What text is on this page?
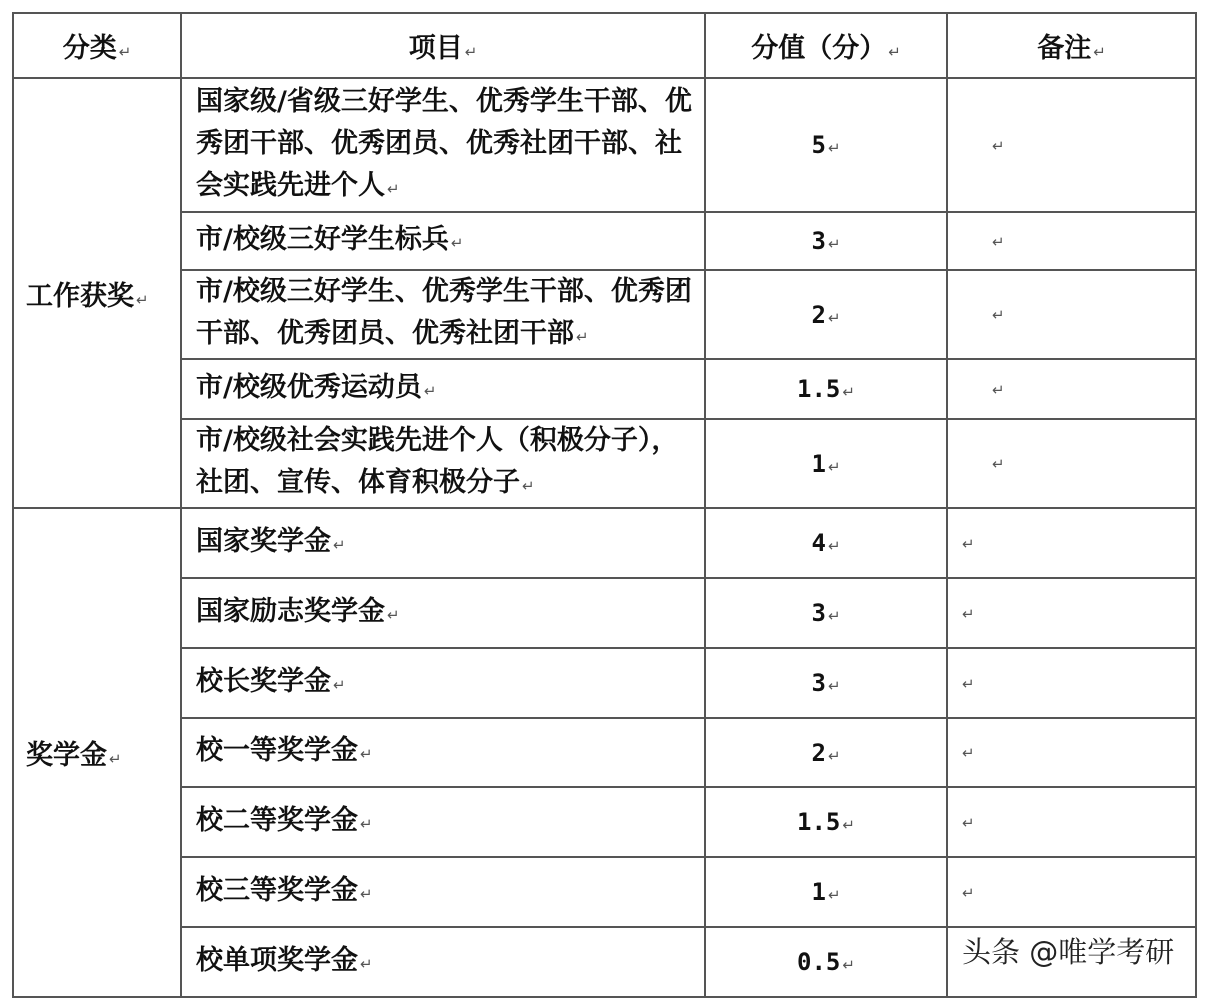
分类 ↵	项目 ↵	分值（分） ↵	备注 ↵
工作获奖 ↵	国家级/省级三好学生、优秀学生干部、优秀团干部、优秀团员、优秀社团干部、社会实践先进个人 ↵	5 ↵	↵
	市/校级三好学生标兵 ↵	3 ↵	↵
	市/校级三好学生、优秀学生干部、优秀团干部、优秀团员、优秀社团干部 ↵	2 ↵	↵
	市/校级优秀运动员 ↵	1.5 ↵	↵
	市/校级社会实践先进个人（积极分子），社团、宣传、体育积极分子 ↵	1 ↵	↵
奖学金 ↵	国家奖学金 ↵	4 ↵	↵
	国家励志奖学金 ↵	3 ↵	↵
	校长奖学金 ↵	3 ↵	↵
	校一等奖学金 ↵	2 ↵	↵
	校二等奖学金 ↵	1.5 ↵	↵
	校三等奖学金 ↵	1 ↵	↵
	校单项奖学金 ↵	0.5 ↵		头条 @唯学考研
